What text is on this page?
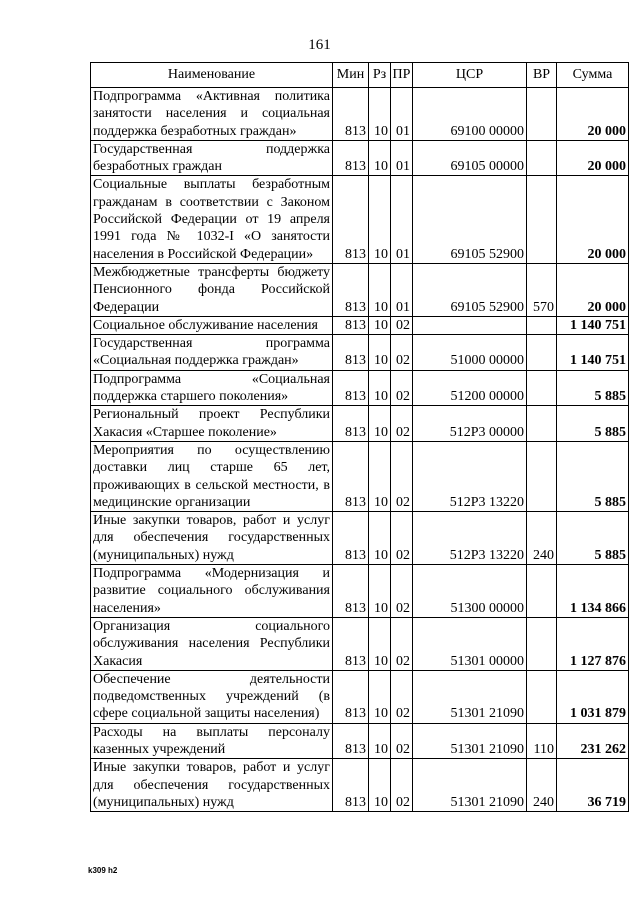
161
Наименование	Мин	Рз	ПР	ЦСР	ВР	Сумма
Подпрограмма «Активная политика занятости населения и социальная поддержка безработных граждан»	813	10	01	69100 00000		20 000
Государственная поддержка безработных граждан	813	10	01	69105 00000		20 000
Социальные выплаты безработным гражданам в соответствии с Законом Российской Федерации от 19 апреля 1991 года № 1032-I «О занятости населения в Российской Федерации»	813	10	01	69105 52900		20 000
Межбюджетные трансферты бюджету Пенсионного фонда Российской Федерации	813	10	01	69105 52900	570	20 000
Социальное обслуживание населения	813	10	02			1 140 751
Государственная программа «Социальная поддержка граждан»	813	10	02	51000 00000		1 140 751
Подпрограмма «Социальная поддержка старшего поколения»	813	10	02	51200 00000		5 885
Региональный проект Республики Хакасия «Старшее поколение»	813	10	02	512P3 00000		5 885
Мероприятия по осуществлению доставки лиц старше 65 лет, проживающих в сельской местности, в медицинские организации	813	10	02	512P3 13220		5 885
Иные закупки товаров, работ и услуг для обеспечения государственных (муниципальных) нужд	813	10	02	512P3 13220	240	5 885
Подпрограмма «Модернизация и развитие социального обслуживания населения»	813	10	02	51300 00000		1 134 866
Организация социального обслуживания населения Республики Хакасия	813	10	02	51301 00000		1 127 876
Обеспечение деятельности подведомственных учреждений (в сфере социальной защиты населения)	813	10	02	51301 21090		1 031 879
Расходы на выплаты персоналу казенных учреждений	813	10	02	51301 21090	110	231 262
Иные закупки товаров, работ и услуг для обеспечения государственных (муниципальных) нужд	813	10	02	51301 21090	240	36 719
k309 h2
